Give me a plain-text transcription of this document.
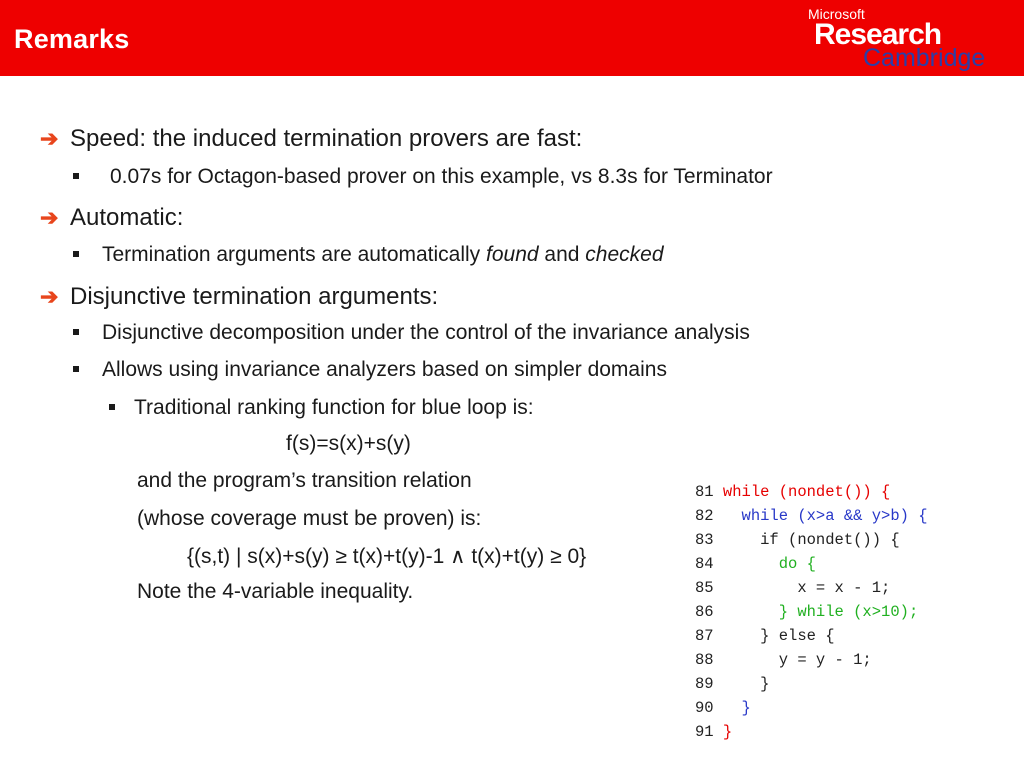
Remarks
Microsoft
Research
Cambridge
➔ Speed: the induced termination provers are fast:
0.07s for Octagon-based prover on this example, vs 8.3s for Terminator
➔ Automatic:
Termination arguments are automatically found and checked
➔ Disjunctive termination arguments:
Disjunctive decomposition under the control of the invariance analysis
Allows using invariance analyzers based on simpler domains
Traditional ranking function for blue loop is:
f(s)=s(x)+s(y)
and the program’s transition relation
(whose coverage must be proven) is:
{(s,t) | s(x)+s(y) ≥ t(x)+t(y)-1 ∧ t(x)+t(y) ≥ 0}
Note the 4-variable inequality.
81 while (nondet()) {
82   while (x>a && y>b) {
83     if (nondet()) {
84       do {
85         x = x - 1;
86       } while (x>10);
87     } else {
88       y = y - 1;
89     }
90   }
91 }
